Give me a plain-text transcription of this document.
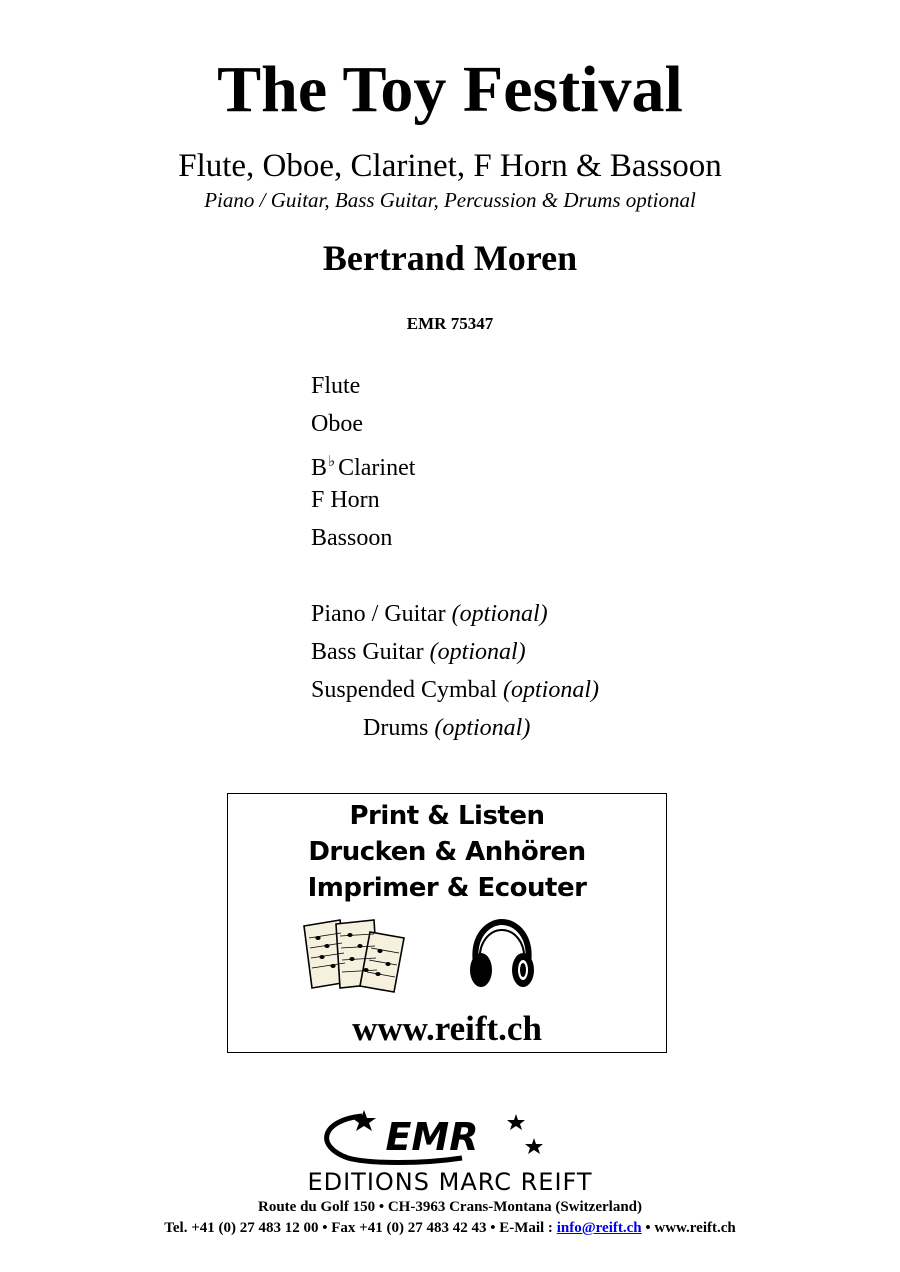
The Toy Festival
Flute, Oboe, Clarinet, F Horn & Bassoon
Piano / Guitar, Bass Guitar, Percussion & Drums optional
Bertrand Moren
EMR 75347
Flute
Oboe
B♭ Clarinet
F Horn
Bassoon
Piano / Guitar (optional)
Bass Guitar (optional)
Suspended Cymbal (optional)
Drums (optional)
Print & Listen
Drucken & Anhören
Imprimer & Ecouter
www.reift.ch
EMR
EDITIONS MARC REIFT
Route du Golf 150 • CH-3963 Crans-Montana (Switzerland)
Tel. +41 (0) 27 483 12 00 • Fax +41 (0) 27 483 42 43 • E-Mail : info@reift.ch • www.reift.ch
